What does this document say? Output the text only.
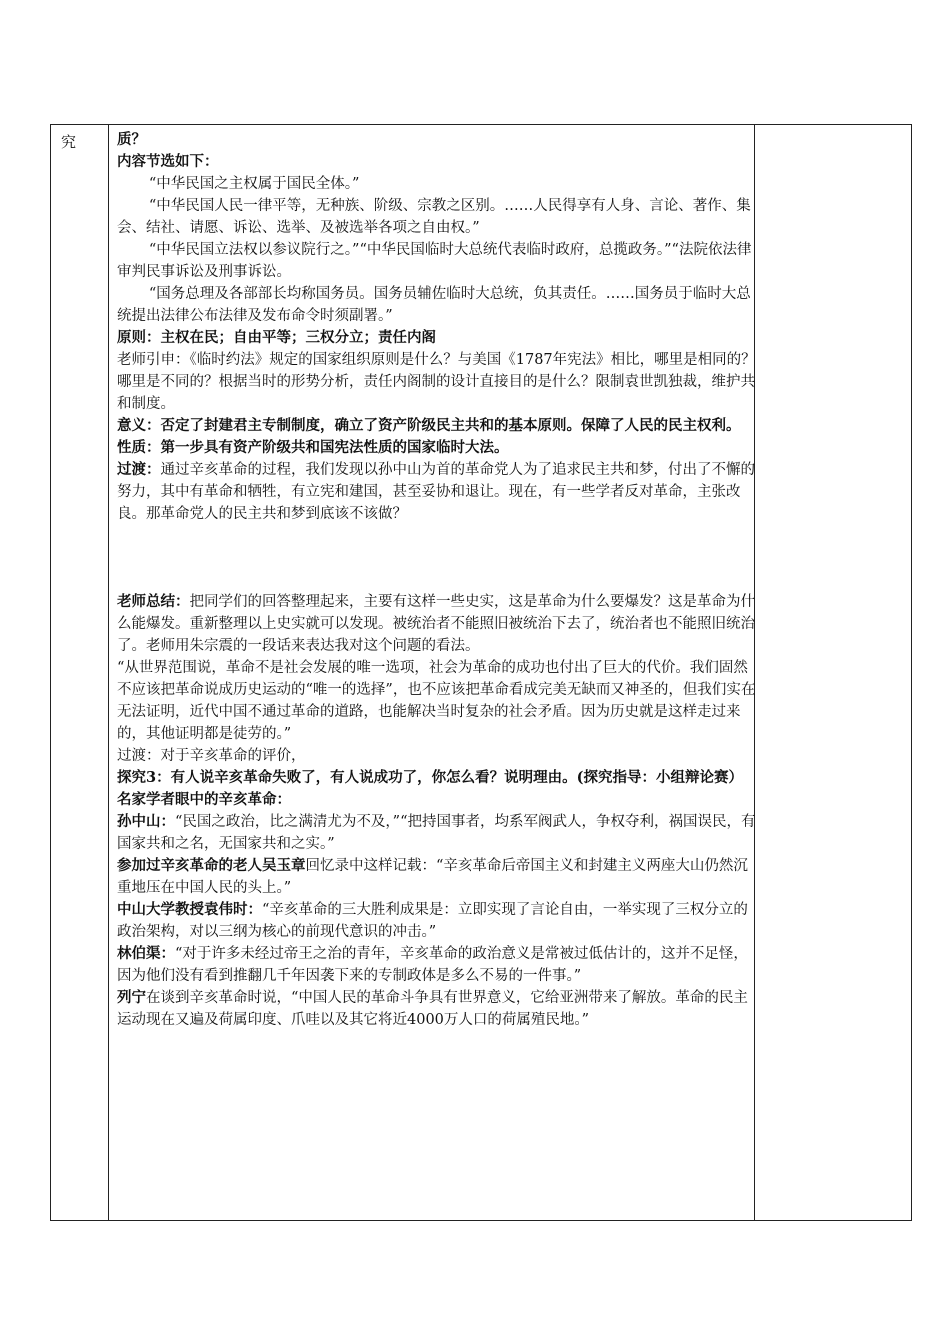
究	质？

内容节选如下：

“中华民国之主权属于国民全体。”

“中华民国人民一律平等，无种族、阶级、宗教之区别。……人民得享有人身、言论、著作、集会、结社、请愿、诉讼、选举、及被选举各项之自由权。”

“中华民国立法权以参议院行之。”“中华民国临时大总统代表临时政府，总揽政务。”“法院依法律审判民事诉讼及刑事诉讼。

“国务总理及各部部长均称国务员。国务员辅佐临时大总统，负其责任。……国务员于临时大总统提出法律公布法律及发布命令时须副署。”

原则：主权在民；自由平等；三权分立；责任内阁

老师引申：《临时约法》规定的国家组织原则是什么？与美国《1787年宪法》相比，哪里是相同的？哪里是不同的？根据当时的形势分析，责任内阁制的设计直接目的是什么？限制袁世凯独裁，维护共和制度。

意义：否定了封建君主专制制度，确立了资产阶级民主共和的基本原则。保障了人民的民主权利。

性质：第一步具有资产阶级共和国宪法性质的国家临时大法。

过渡：通过辛亥革命的过程，我们发现以孙中山为首的革命党人为了追求民主共和梦，付出了不懈的努力，其中有革命和牺牲，有立宪和建国，甚至妥协和退让。现在，有一些学者反对革命，主张改良。那革命党人的民主共和梦到底该不该做？

老师总结：把同学们的回答整理起来，主要有这样一些史实，这是革命为什么要爆发？这是革命为什么能爆发。重新整理以上史实就可以发现。被统治者不能照旧被统治下去了，统治者也不能照旧统治了。老师用朱宗震的一段话来表达我对这个问题的看法。

“从世界范围说，革命不是社会发展的唯一选项，社会为革命的成功也付出了巨大的代价。我们固然不应该把革命说成历史运动的“唯一的选择”，也不应该把革命看成完美无缺而又神圣的，但我们实在无法证明，近代中国不通过革命的道路，也能解决当时复杂的社会矛盾。因为历史就是这样走过来的，其他证明都是徒劳的。”

过渡：对于辛亥革命的评价，

探究3：有人说辛亥革命失败了，有人说成功了，你怎么看？说明理由。(探究指导：小组辩论赛）

名家学者眼中的辛亥革命：

孙中山：“民国之政治，比之满清尤为不及，”“把持国事者，均系军阀武人，争权夺利，祸国误民，有国家共和之名，无国家共和之实。”

参加过辛亥革命的老人吴玉章回忆录中这样记载：“辛亥革命后帝国主义和封建主义两座大山仍然沉重地压在中国人民的头上。”

中山大学教授袁伟时：“辛亥革命的三大胜利成果是：立即实现了言论自由，一举实现了三权分立的政治架构，对以三纲为核心的前现代意识的冲击。”

林伯渠：“对于许多未经过帝王之治的青年，辛亥革命的政治意义是常被过低估计的，这并不足怪，因为他们没有看到推翻几千年因袭下来的专制政体是多么不易的一件事。”

列宁在谈到辛亥革命时说，“中国人民的革命斗争具有世界意义，它给亚洲带来了解放。革命的民主运动现在又遍及荷属印度、爪哇以及其它将近4000万人口的荷属殖民地。”
